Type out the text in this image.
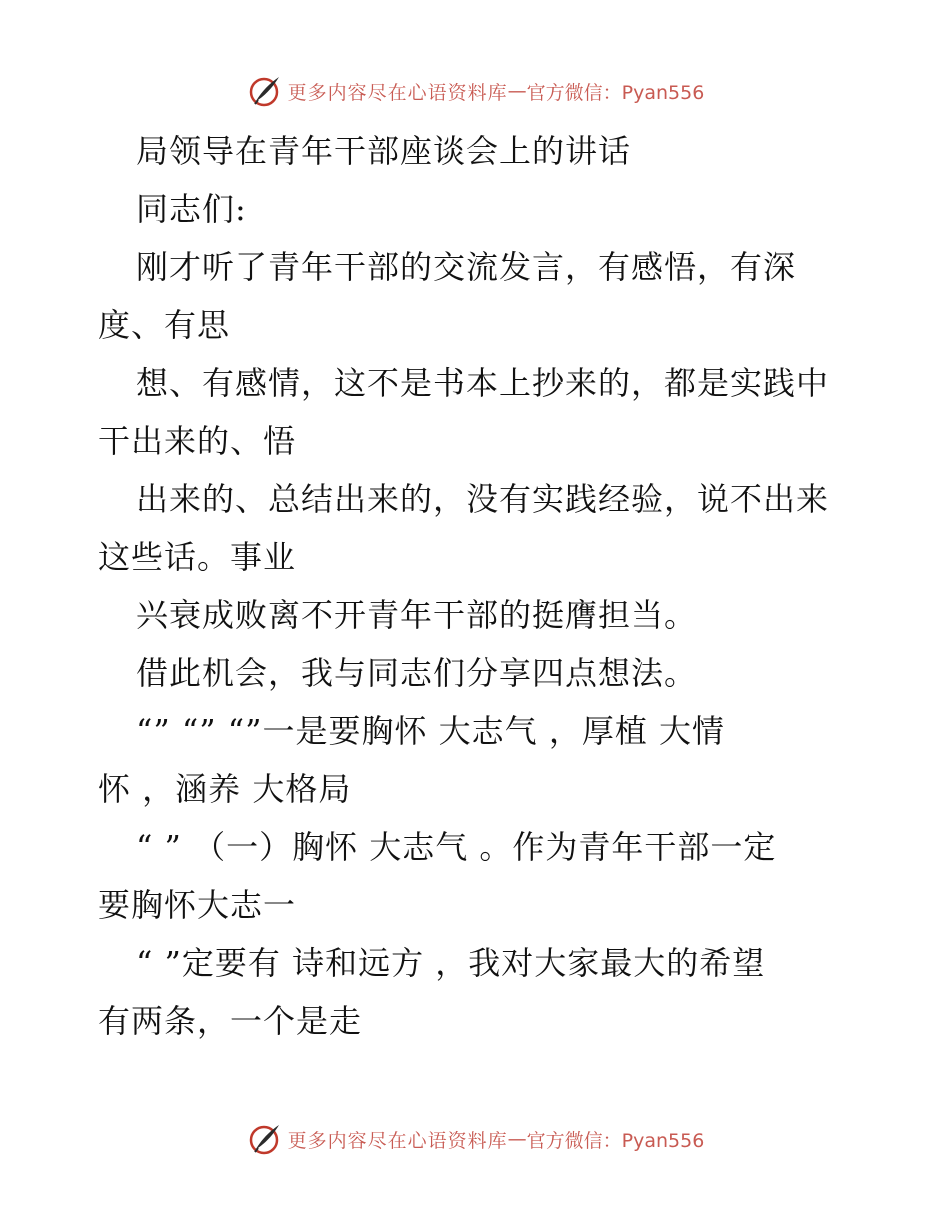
更多内容尽在心语资料库 — 官方微信：Pyan556
局领导在青年干部座谈会上的讲话
同志们:
刚才听了青年干部的交流发言，有感悟，有深
度、有思
想、有感情，这不是书本上抄来的，都是实践中
干出来的、悟
出来的、总结出来的，没有实践经验，说不出来
这些话。事业
兴衰成败离不开青年干部的挺膺担当。
借此机会，我与同志们分享四点想法。
“” “” “”一是要胸怀 大志气 ，厚植 大情
怀 ，涵养 大格局
“ ” （一）胸怀 大志气 。作为青年干部一定
要胸怀大志一
“ ”定要有 诗和远方 ，我对大家最大的希望
有两条，一个是走
更多内容尽在心语资料库 — 官方微信：Pyan556
